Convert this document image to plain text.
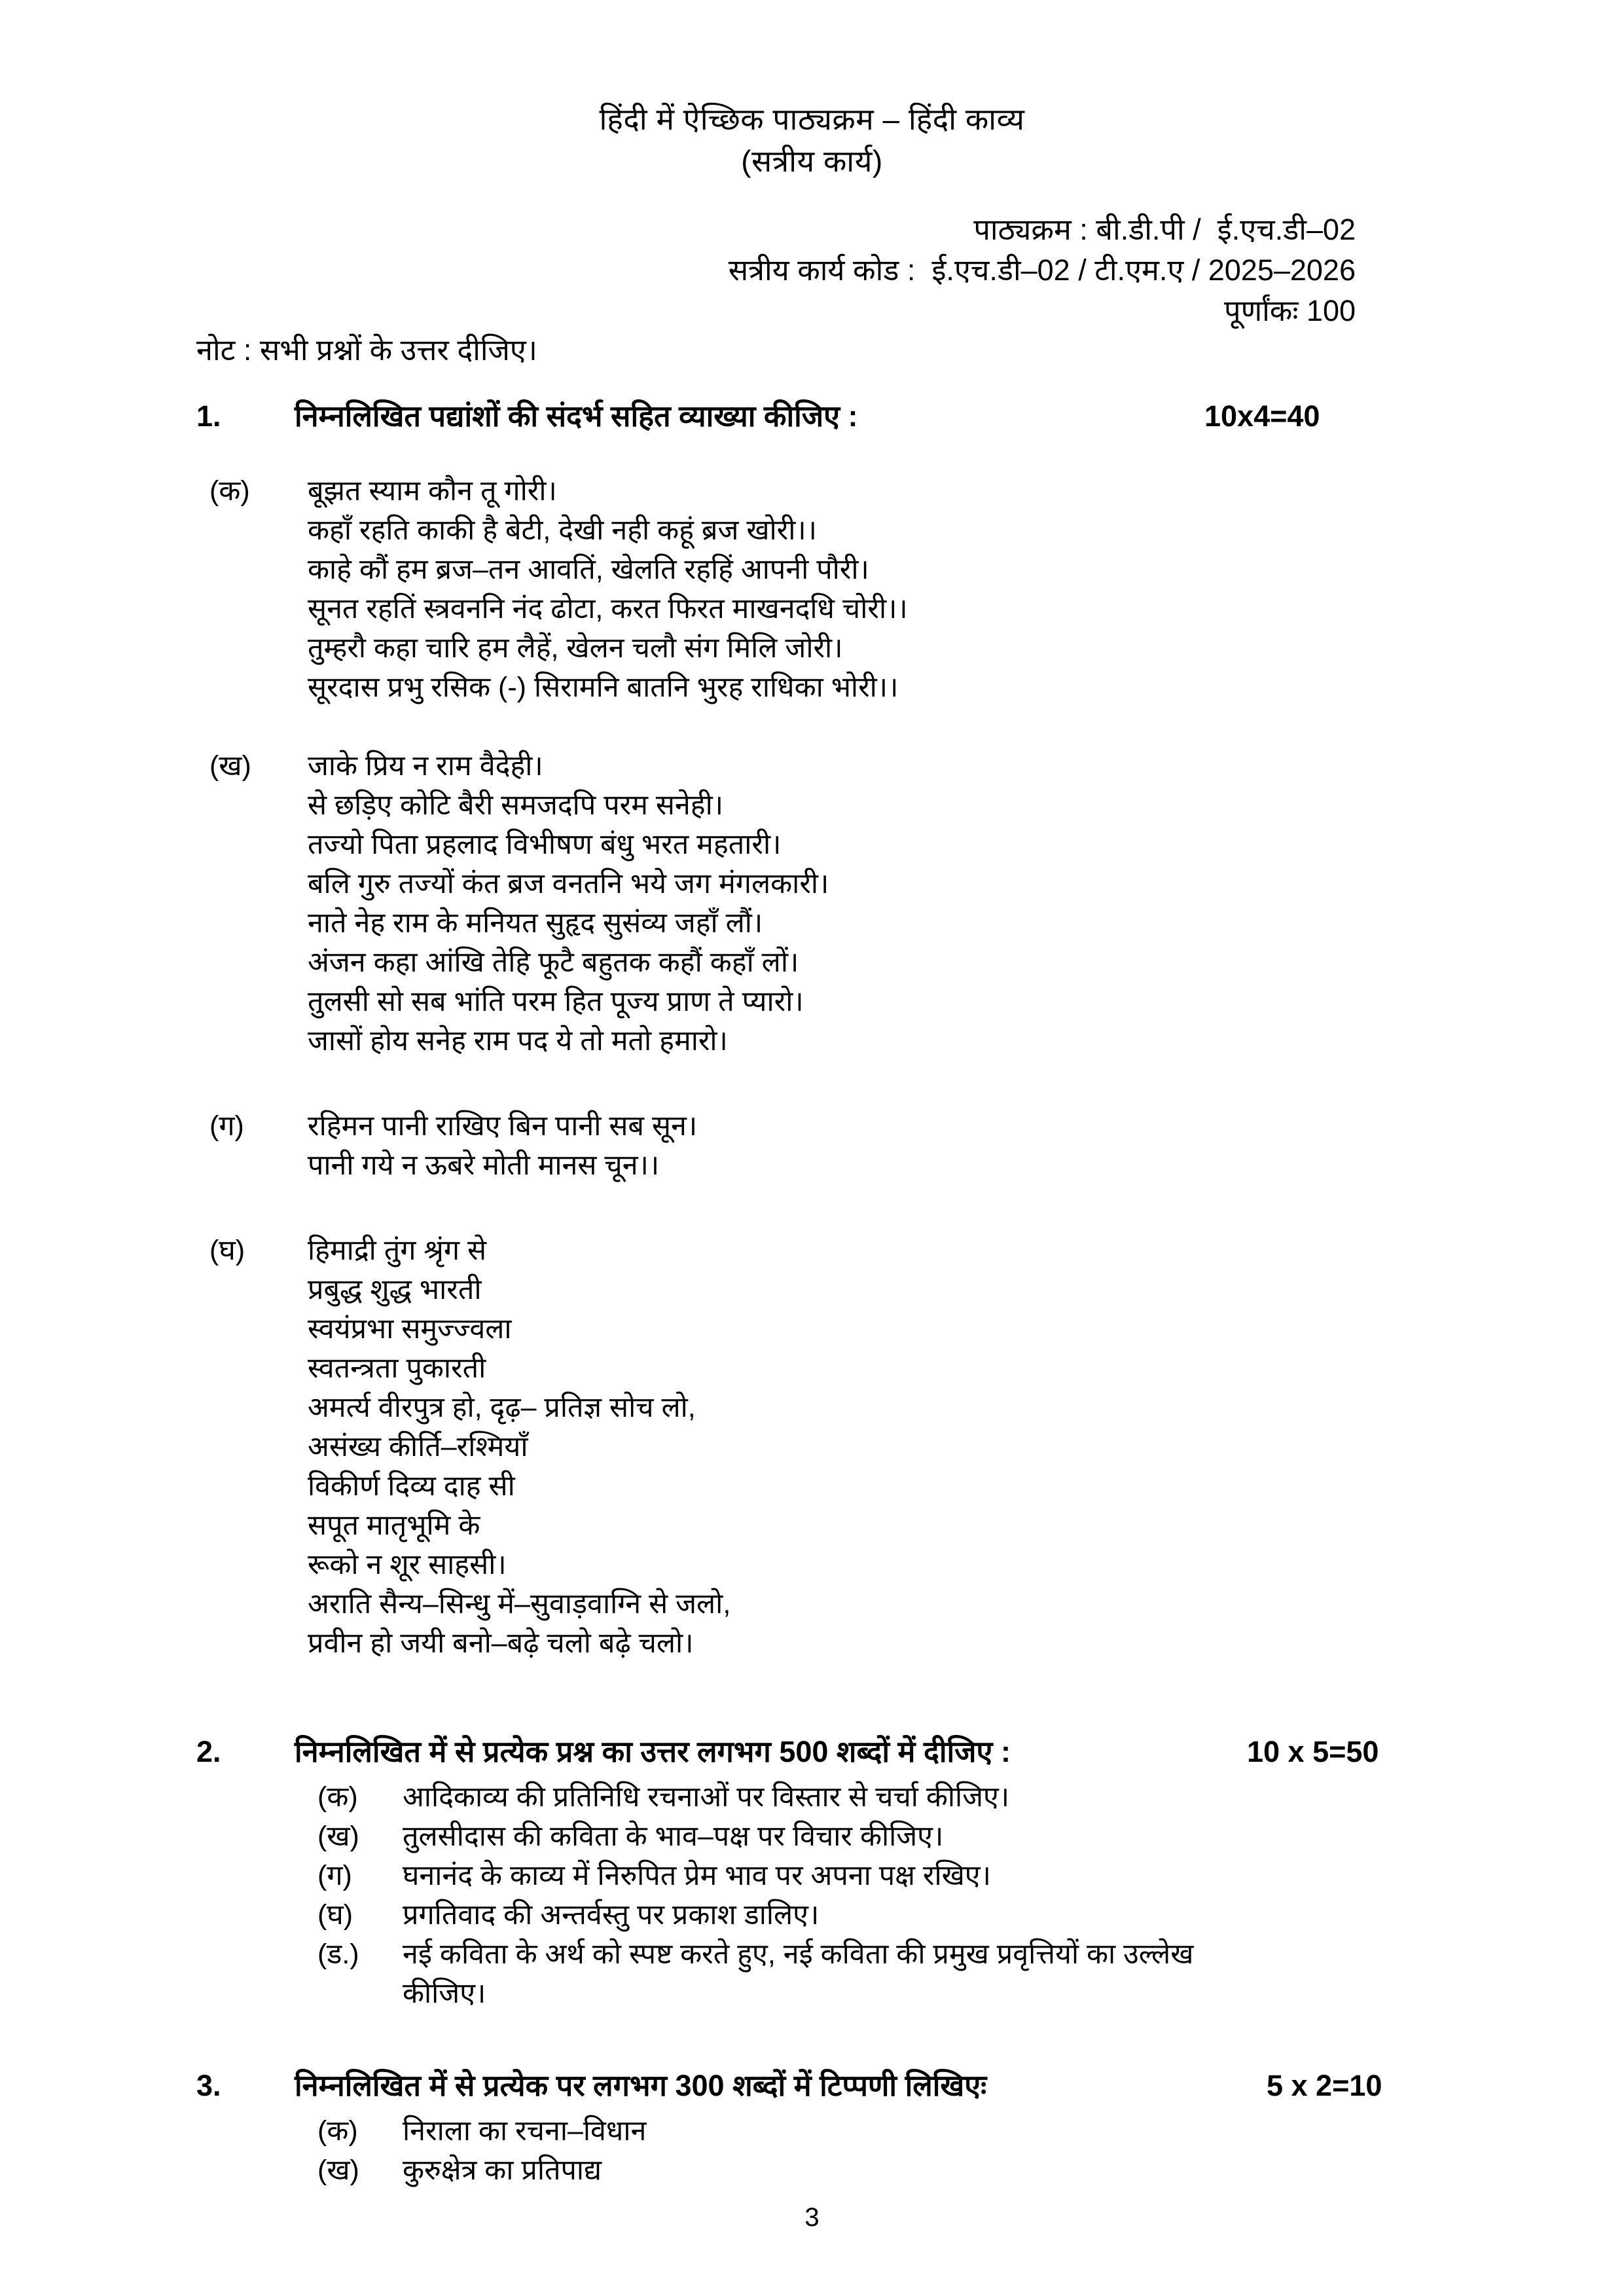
हिंदी में ऐच्छिक पाठ्यक्रम – हिंदी काव्य
(सत्रीय कार्य)
पाठ्यक्रम : बी.डी.पी /  ई.एच.डी–02
सत्रीय कार्य कोड :  ई.एच.डी–02 / टी.एम.ए / 2025–2026
पूर्णांकः 100
नोट : सभी प्रश्नों के उत्तर दीजिए।
1.	निम्नलिखित पद्यांशों की संदर्भ सहित व्याख्या कीजिए :	10x4=40
(क)	बूझत स्याम कौन तू गोरी।
कहाँ रहति काकी है बेटी, देखी नही कहूं ब्रज खोरी।।
काहे कौं हम ब्रज–तन आवतिं, खेलति रहहिं आपनी पौरी।
सूनत रहतिं स्त्रवननि नंद ढोटा, करत फिरत माखनदधि चोरी।।
तुम्हरौ कहा चारि हम लैहें, खेलन चलौ संग मिलि जोरी।
सूरदास प्रभु रसिक (-) सिरामनि बातनि भुरह राधिका भोरी।।
(ख)	जाके प्रिय न राम वैदेही।
से छड़िए कोटि बैरी समजदपि परम सनेही।
तज्यो पिता प्रहलाद विभीषण बंधु भरत महतारी।
बलि गुरु तज्यों कंत ब्रज वनतनि भये जग मंगलकारी।
नाते नेह राम के मनियत सुहृद सुसंव्य जहाँ लौं।
अंजन कहा आंखि तेहि फूटै बहुतक कहौं कहाँ लों।
तुलसी सो सब भांति परम हित पूज्य प्राण ते प्यारो।
जासों होय सनेह राम पद ये तो मतो हमारो।
(ग)	रहिमन पानी राखिए बिन पानी सब सून।
पानी गये न ऊबरे मोती मानस चून।।
(घ)	हिमाद्री तुंग श्रृंग से
प्रबुद्ध शुद्ध भारती
स्वयंप्रभा समुज्ज्वला
स्वतन्त्रता पुकारती
अमर्त्य वीरपुत्र हो, दृढ़– प्रतिज्ञ सोच लो,
असंख्य कीर्ति–रश्मियाँ
विकीर्ण दिव्य दाह सी
सपूत मातृभूमि के
रूको न शूर साहसी।
अराति सैन्य–सिन्धु में–सुवाड़वाग्नि से जलो,
प्रवीन हो जयी बनो–बढ़े चलो बढ़े चलो।
2.	निम्नलिखित में से प्रत्येक प्रश्न का उत्तर लगभग 500 शब्दों में दीजिए :	10 x 5=50
(क)	आदिकाव्य की प्रतिनिधि रचनाओं पर विस्तार से चर्चा कीजिए।
(ख)	तुलसीदास की कविता के भाव–पक्ष पर विचार कीजिए।
(ग)	घनानंद के काव्य में निरुपित प्रेम भाव पर अपना पक्ष रखिए।
(घ)	प्रगतिवाद की अन्तर्वस्तु पर प्रकाश डालिए।
(ड.)	नई कविता के अर्थ को स्पष्ट करते हुए, नई कविता की प्रमुख प्रवृत्तियों का उल्लेख
कीजिए।
3.	निम्नलिखित में से प्रत्येक पर लगभग 300 शब्दों में टिप्पणी लिखिएः	5 x 2=10
(क)	निराला का रचना–विधान
(ख)	कुरुक्षेत्र का प्रतिपाद्य
3
